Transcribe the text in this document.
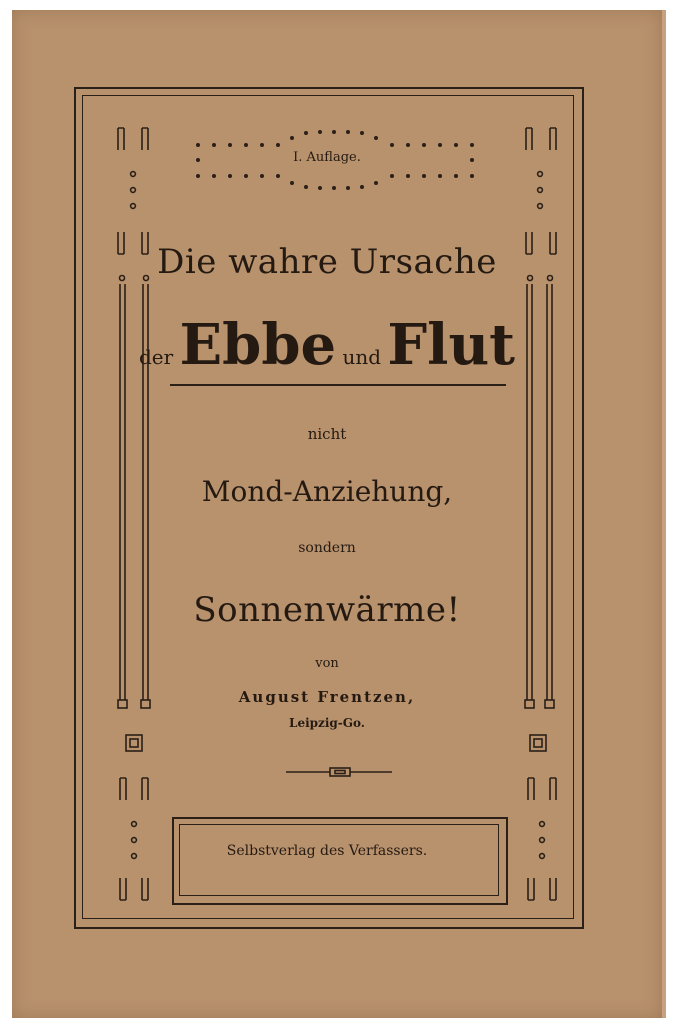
I. Auflage.
Die wahre Ursache
der Ebbe und Flut
nicht
Mond-Anziehung,
sondern
Sonnenwärme!
von
August Frentzen,
Leipzig-Go.
Selbstverlag des Verfassers.
